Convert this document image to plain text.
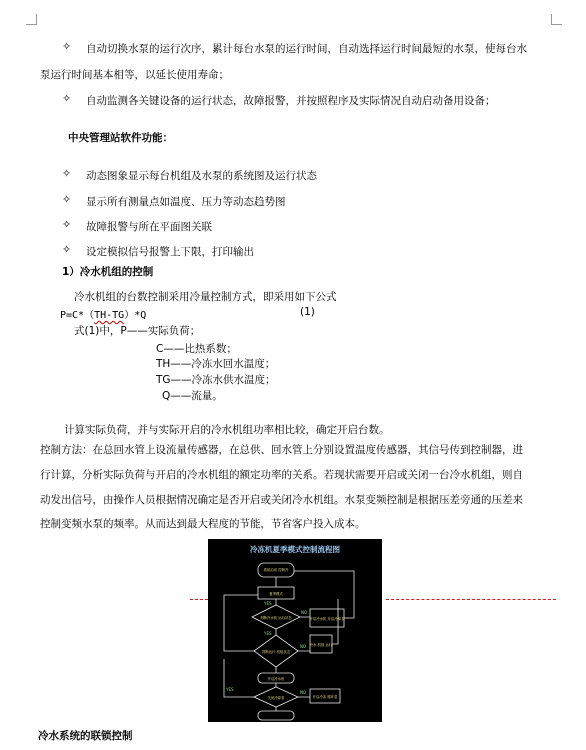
✧ 自动切换水泵的运行次序，累计每台水泵的运行时间，自动选择运行时间最短的水泵，使每台水
泵运行时间基本相等，以延长使用寿命；
✧ 自动监测各关键设备的运行状态，故障报警，并按照程序及实际情况自动启动备用设备；
中央管理站软件功能：
✧ 动态图象显示每台机组及水泵的系统图及运行状态
✧ 显示所有测量点如温度、压力等动态趋势图
✧ 故障报警与所在平面图关联
✧ 设定模拟信号报警上下限，打印输出
1）冷水机组的控制
冷水机组的台数控制采用冷量控制方式，即采用如下公式
P=C*（TH-TG）*Q	(1)
式(1)中，P——实际负荷；
C——比热系数；
TH——冷冻水回水温度；
TG——冷冻水供水温度；
Q——流量。
计算实际负荷，并与实际开启的冷水机组功率相比较，确定开启台数。
控制方法：在总回水管上设流量传感器，在总供、回水管上分别设置温度传感器，其信号传到控制器，进
行计算，分析实际负荷与开启的冷水机组的额定功率的关系。若现状需要开启或关闭一台冷水机组，则自
动发出信号，由操作人员根据情况确定是否开启或关闭冷水机组。水泵变频控制是根据压差旁通的压差来
控制变频水泵的频率。从而达到最大程度的节能，节省客户投入成本。
冷冻机夏季模式控制流程图
系统启动 控制开
夏季模式
判断冷水机 运行状态	开启冷水机 开启冷却泵
冷水 机组 运行
判断运行 机组状态
开启冷水机
关闭冷却泵	开启冷冻 循环泵
YES
NO
YES
NO
YES
NO
冷水系统的联锁控制
